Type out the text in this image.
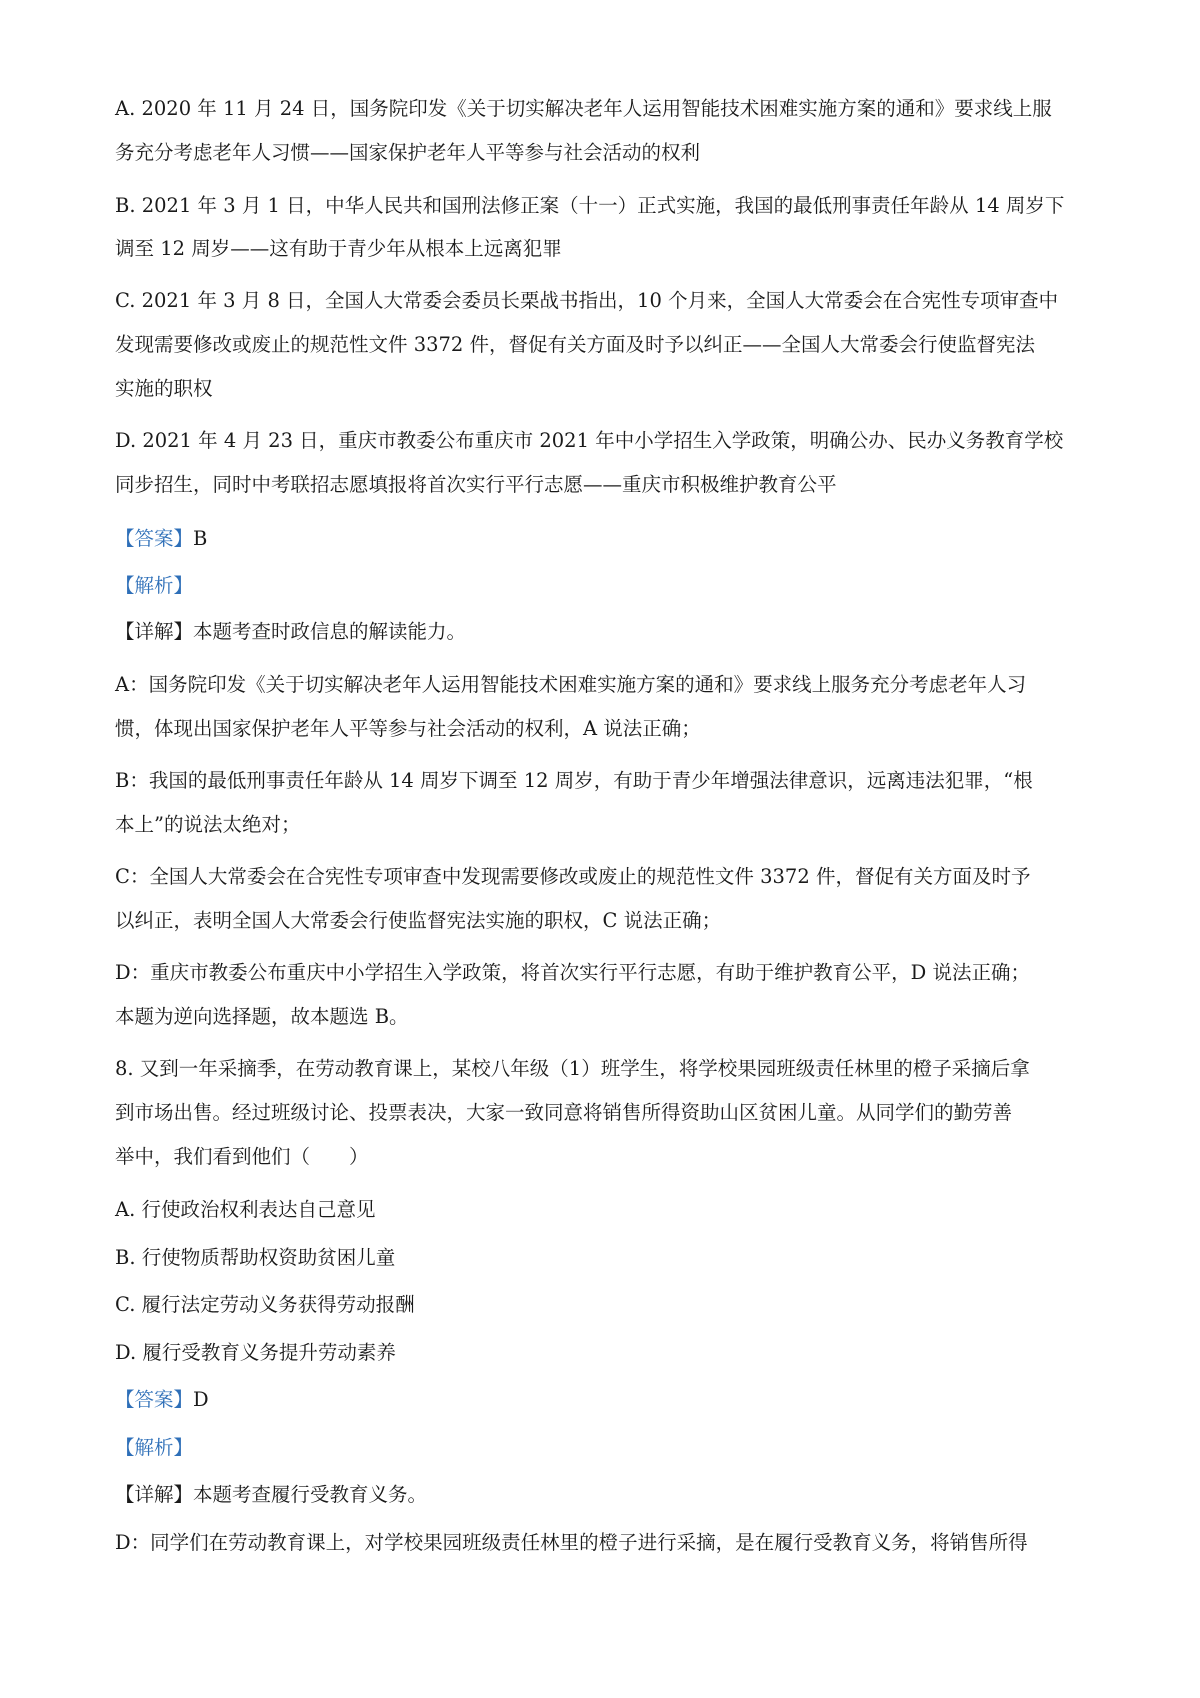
A. 2020 年 11 月 24 日，国务院印发《关于切实解决老年人运用智能技术困难实施方案的通和》要求线上服
务充分考虑老年人习惯——国家保护老年人平等参与社会活动的权利
B. 2021 年 3 月 1 日，中华人民共和国刑法修正案（十一）正式实施，我国的最低刑事责任年龄从 14 周岁下
调至 12 周岁——这有助于青少年从根本上远离犯罪
C. 2021 年 3 月 8 日，全国人大常委会委员长栗战书指出，10 个月来，全国人大常委会在合宪性专项审查中
发现需要修改或废止的规范性文件 3372 件，督促有关方面及时予以纠正——全国人大常委会行使监督宪法
实施的职权
D. 2021 年 4 月 23 日，重庆市教委公布重庆市 2021 年中小学招生入学政策，明确公办、民办义务教育学校
同步招生，同时中考联招志愿填报将首次实行平行志愿——重庆市积极维护教育公平
【答案】B
【解析】
【详解】本题考查时政信息的解读能力。
A：国务院印发《关于切实解决老年人运用智能技术困难实施方案的通和》要求线上服务充分考虑老年人习
惯，体现出国家保护老年人平等参与社会活动的权利，A 说法正确；
B：我国的最低刑事责任年龄从 14 周岁下调至 12 周岁，有助于青少年增强法律意识，远离违法犯罪，“根
本上”的说法太绝对；
C：全国人大常委会在合宪性专项审查中发现需要修改或废止的规范性文件 3372 件，督促有关方面及时予
以纠正，表明全国人大常委会行使监督宪法实施的职权，C 说法正确；
D：重庆市教委公布重庆中小学招生入学政策，将首次实行平行志愿，有助于维护教育公平，D 说法正确；
本题为逆向选择题，故本题选 B。
8. 又到一年采摘季，在劳动教育课上，某校八年级（1）班学生，将学校果园班级责任林里的橙子采摘后拿
到市场出售。经过班级讨论、投票表决，大家一致同意将销售所得资助山区贫困儿童。从同学们的勤劳善
举中，我们看到他们（　　）
A. 行使政治权利表达自己意见
B. 行使物质帮助权资助贫困儿童
C. 履行法定劳动义务获得劳动报酬
D. 履行受教育义务提升劳动素养
【答案】D
【解析】
【详解】本题考查履行受教育义务。
D：同学们在劳动教育课上，对学校果园班级责任林里的橙子进行采摘，是在履行受教育义务，将销售所得
